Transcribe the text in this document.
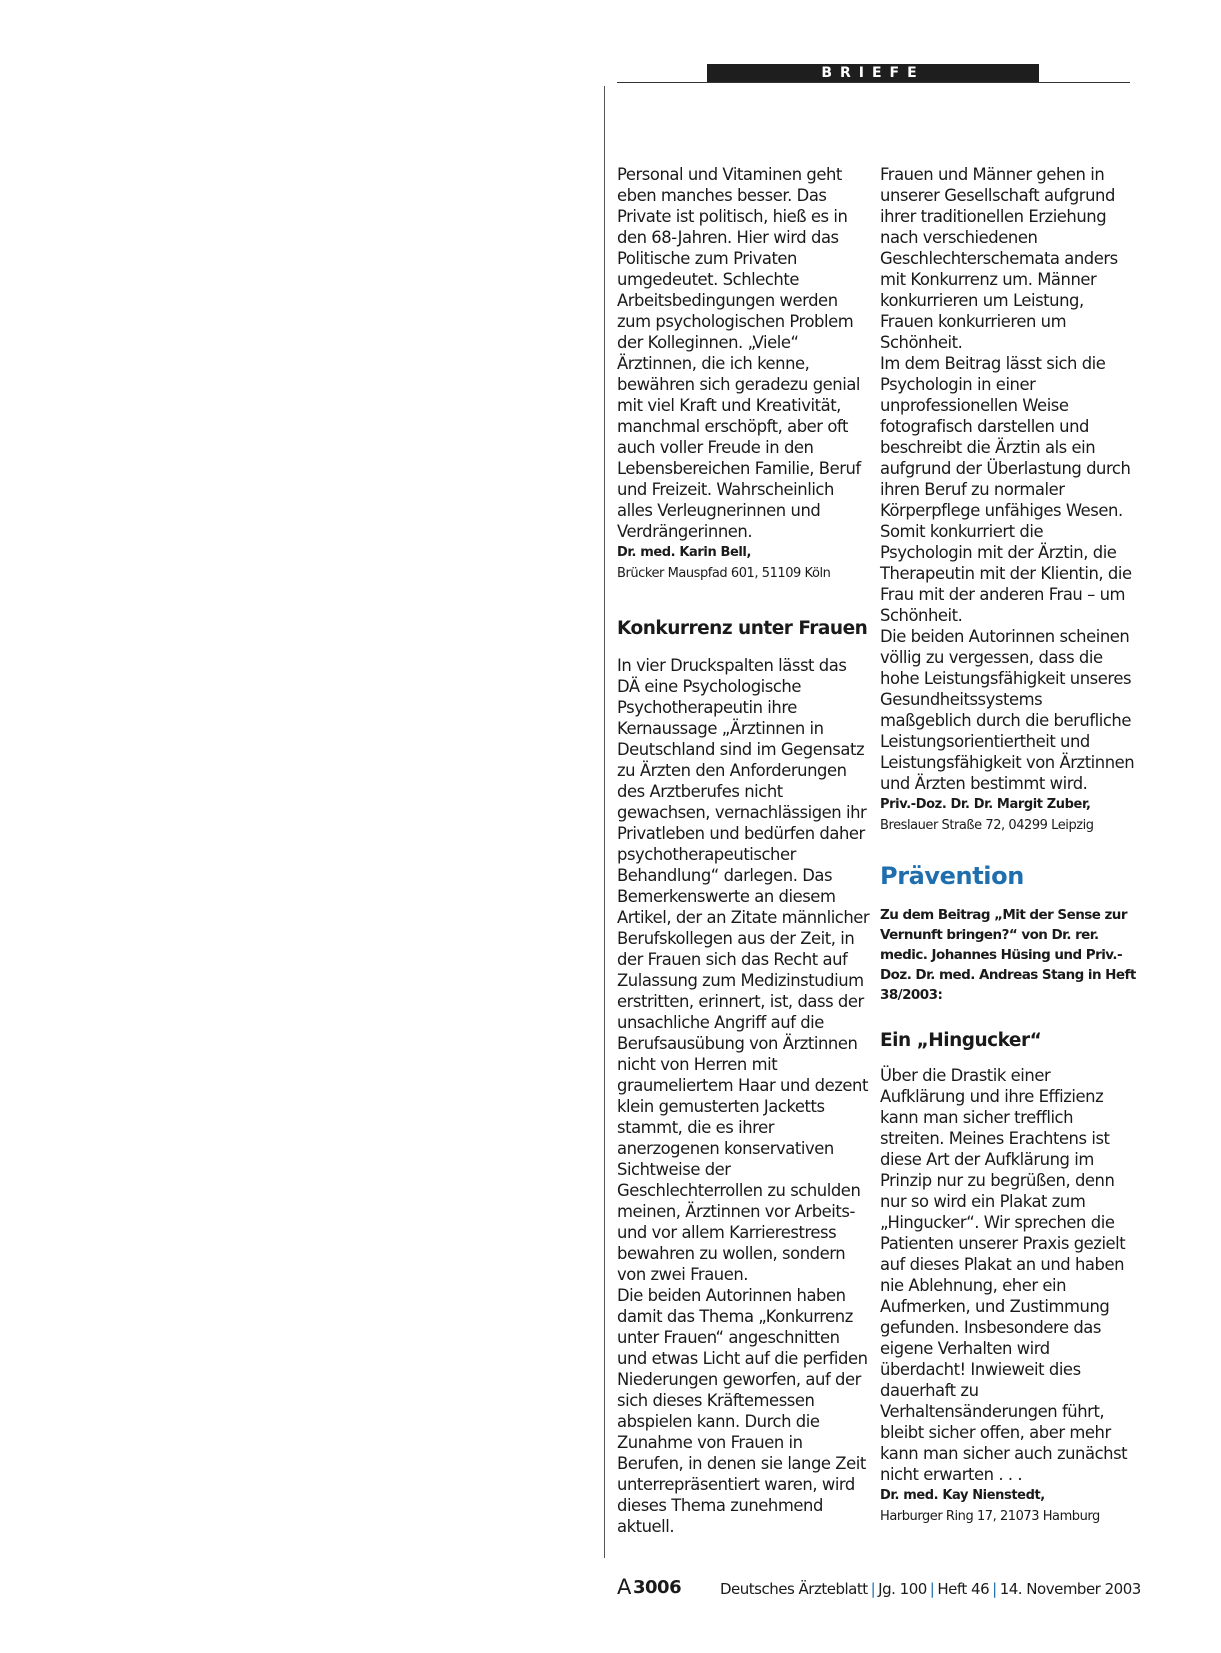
BRIEFE

Personal und Vitaminen geht eben manches besser. Das Private ist politisch, hieß es in den 68-Jahren. Hier wird das Politische zum Privaten umgedeutet. Schlechte Arbeitsbedingungen werden zum psychologischen Problem der Kolleginnen. „Viele“ Ärztinnen, die ich kenne, bewähren sich geradezu genial mit viel Kraft und Kreativität, manchmal erschöpft, aber oft auch voller Freude in den Lebensbereichen Familie, Beruf und Freizeit. Wahrscheinlich alles Verleugnerinnen und Verdrängerinnen.

Dr. med. Karin Bell,

Brücker Mauspfad 601, 51109 Köln

Konkurrenz unter Frauen

In vier Druckspalten lässt das DÄ eine Psychologische Psychotherapeutin ihre Kernaussage „Ärztinnen in Deutschland sind im Gegensatz zu Ärzten den Anforderungen des Arztberufes nicht gewachsen, vernachlässigen ihr Privatleben und bedürfen daher psychotherapeutischer Behandlung“ darlegen. Das Bemerkenswerte an diesem Artikel, der an Zitate männlicher Berufskollegen aus der Zeit, in der Frauen sich das Recht auf Zulassung zum Medizinstudium erstritten, erinnert, ist, dass der unsachliche Angriff auf die Berufsausübung von Ärztinnen nicht von Herren mit graumeliertem Haar und dezent klein gemusterten Jacketts stammt, die es ihrer anerzogenen konservativen Sichtweise der Geschlechterrollen zu schulden meinen, Ärztinnen vor Arbeits- und vor allem Karrierestress bewahren zu wollen, sondern von zwei Frauen.

Die beiden Autorinnen haben damit das Thema „Konkurrenz unter Frauen“ angeschnitten und etwas Licht auf die perfiden Niederungen geworfen, auf der sich dieses Kräftemessen abspielen kann. Durch die Zunahme von Frauen in Berufen, in denen sie lange Zeit unterrepräsentiert waren, wird dieses Thema zunehmend aktuell.

Frauen und Männer gehen in unserer Gesellschaft aufgrund ihrer traditionellen Erziehung nach verschiedenen Geschlechterschemata anders mit Konkurrenz um. Männer konkurrieren um Leistung, Frauen konkurrieren um Schönheit.

Im dem Beitrag lässt sich die Psychologin in einer unprofessionellen Weise fotografisch darstellen und beschreibt die Ärztin als ein aufgrund der Überlastung durch ihren Beruf zu normaler Körperpflege unfähiges Wesen. Somit konkurriert die Psychologin mit der Ärztin, die Therapeutin mit der Klientin, die Frau mit der anderen Frau – um Schönheit.

Die beiden Autorinnen scheinen völlig zu vergessen, dass die hohe Leistungsfähigkeit unseres Gesundheitssystems maßgeblich durch die berufliche Leistungsorientiertheit und Leistungsfähigkeit von Ärztinnen und Ärzten bestimmt wird.

Priv.-Doz. Dr. Dr. Margit Zuber,

Breslauer Straße 72, 04299 Leipzig

Prävention

Zu dem Beitrag „Mit der Sense zur Vernunft bringen?“ von Dr. rer. medic. Johannes Hüsing und Priv.-Doz. Dr. med. Andreas Stang in Heft 38/2003:

Ein „Hingucker“

Über die Drastik einer Aufklärung und ihre Effizienz kann man sicher trefflich streiten. Meines Erachtens ist diese Art der Aufklärung im Prinzip nur zu begrüßen, denn nur so wird ein Plakat zum „Hingucker“. Wir sprechen die Patienten unserer Praxis gezielt auf dieses Plakat an und haben nie Ablehnung, eher ein Aufmerken, und Zustimmung gefunden. Insbesondere das eigene Verhalten wird überdacht! Inwieweit dies dauerhaft zu Verhaltensänderungen führt, bleibt sicher offen, aber mehr kann man sicher auch zunächst nicht erwarten . . .

Dr. med. Kay Nienstedt,

Harburger Ring 17, 21073 Hamburg

A 3006	Deutsches Ärzteblatt | Jg. 100 | Heft 46 | 14. November 2003
